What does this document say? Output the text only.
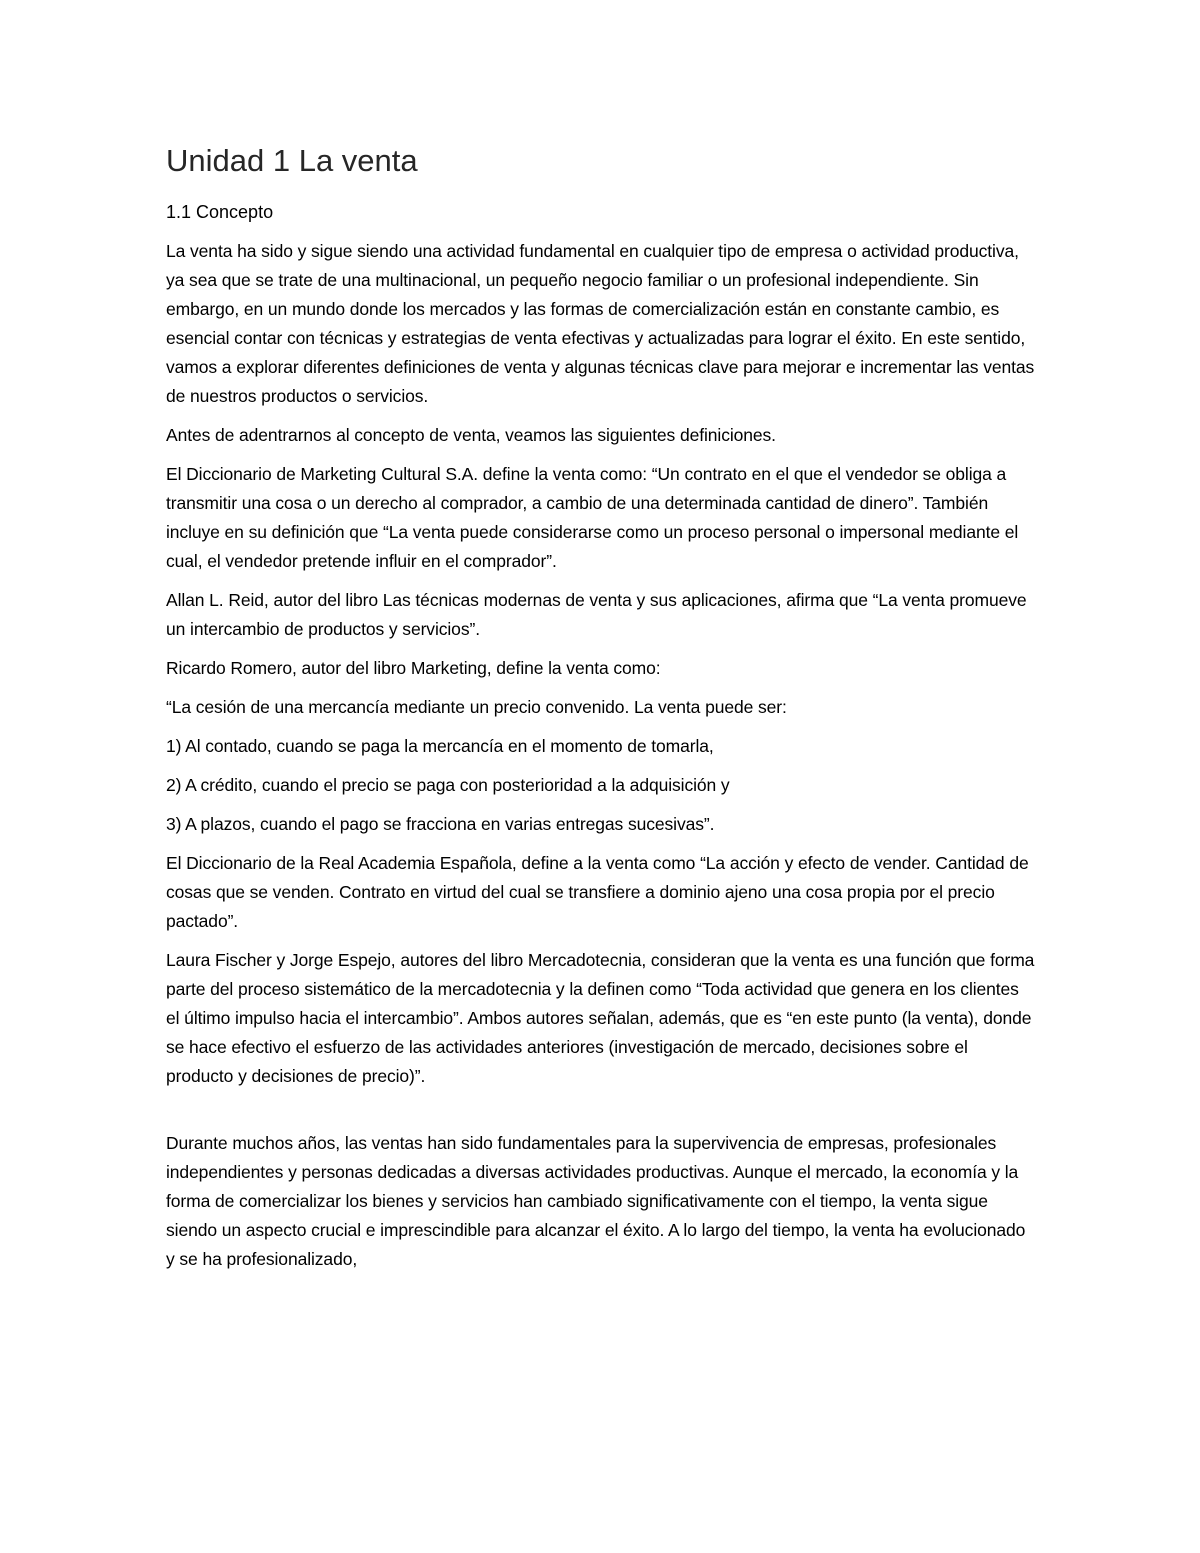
Unidad 1 La venta

1.1 Concepto

La venta ha sido y sigue siendo una actividad fundamental en cualquier tipo de empresa o actividad productiva, ya sea que se trate de una multinacional, un pequeño negocio familiar o un profesional independiente. Sin embargo, en un mundo donde los mercados y las formas de comercialización están en constante cambio, es esencial contar con técnicas y estrategias de venta efectivas y actualizadas para lograr el éxito. En este sentido, vamos a explorar diferentes definiciones de venta y algunas técnicas clave para mejorar e incrementar las ventas de nuestros productos o servicios.

Antes de adentrarnos al concepto de venta, veamos las siguientes definiciones.

El Diccionario de Marketing Cultural S.A. define la venta como: “Un contrato en el que el vendedor se obliga a transmitir una cosa o un derecho al comprador, a cambio de una determinada cantidad de dinero”. También incluye en su definición que “La venta puede considerarse como un proceso personal o impersonal mediante el cual, el vendedor pretende influir en el comprador”.

Allan L. Reid, autor del libro Las técnicas modernas de venta y sus aplicaciones, afirma que “La venta promueve un intercambio de productos y servicios”.

Ricardo Romero, autor del libro Marketing, define la venta como:

“La cesión de una mercancía mediante un precio convenido. La venta puede ser:

1) Al contado, cuando se paga la mercancía en el momento de tomarla,

2) A crédito, cuando el precio se paga con posterioridad a la adquisición y

3) A plazos, cuando el pago se fracciona en varias entregas sucesivas”.

El Diccionario de la Real Academia Española, define a la venta como “La acción y efecto de vender. Cantidad de cosas que se venden. Contrato en virtud del cual se transfiere a dominio ajeno una cosa propia por el precio pactado”.

Laura Fischer y Jorge Espejo, autores del libro Mercadotecnia, consideran que la venta es una función que forma parte del proceso sistemático de la mercadotecnia y la definen como “Toda actividad que genera en los clientes el último impulso hacia el intercambio”. Ambos autores señalan, además, que es “en este punto (la venta), donde se hace efectivo el esfuerzo de las actividades anteriores (investigación de mercado, decisiones sobre el producto y decisiones de precio)”.

Durante muchos años, las ventas han sido fundamentales para la supervivencia de empresas, profesionales independientes y personas dedicadas a diversas actividades productivas. Aunque el mercado, la economía y la forma de comercializar los bienes y servicios han cambiado significativamente con el tiempo, la venta sigue siendo un aspecto crucial e imprescindible para alcanzar el éxito. A lo largo del tiempo, la venta ha evolucionado y se ha profesionalizado,
